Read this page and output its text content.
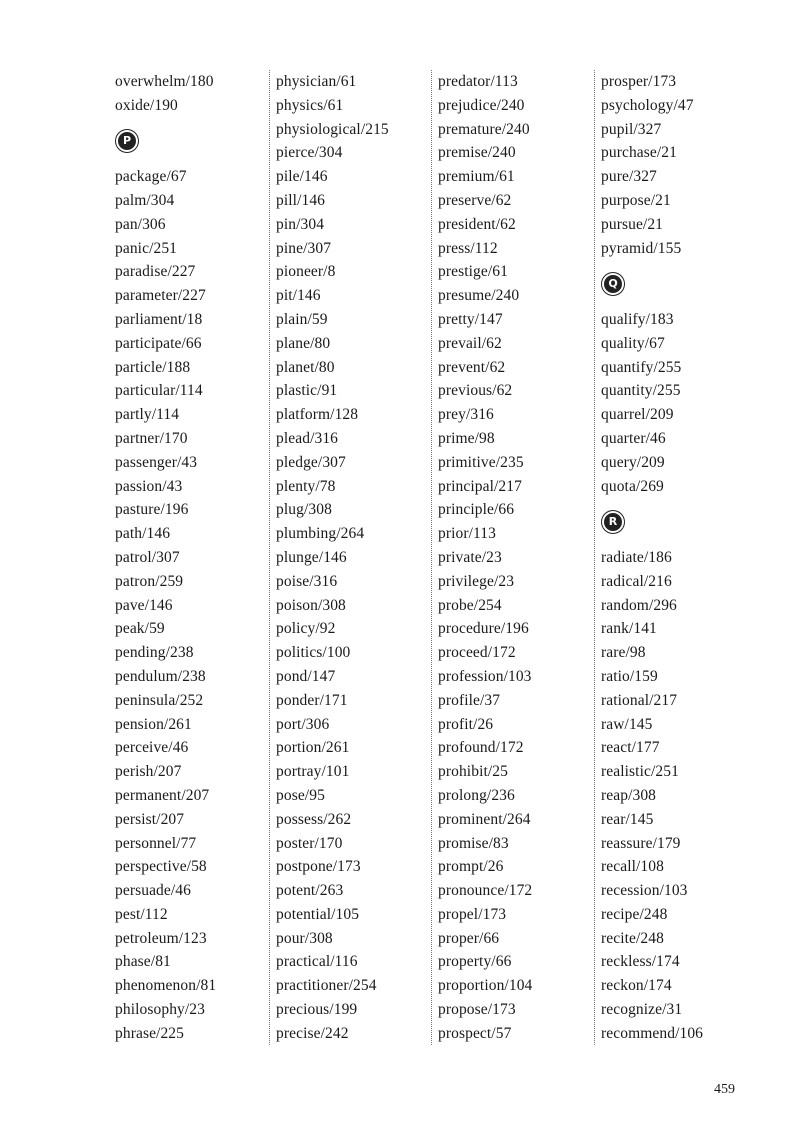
overwhelm/180
oxide/190
P
package/67
palm/304
pan/306
panic/251
paradise/227
parameter/227
parliament/18
participate/66
particle/188
particular/114
partly/114
partner/170
passenger/43
passion/43
pasture/196
path/146
patrol/307
patron/259
pave/146
peak/59
pending/238
pendulum/238
peninsula/252
pension/261
perceive/46
perish/207
permanent/207
persist/207
personnel/77
perspective/58
persuade/46
pest/112
petroleum/123
phase/81
phenomenon/81
philosophy/23
phrase/225
physician/61
physics/61
physiological/215
pierce/304
pile/146
pill/146
pin/304
pine/307
pioneer/8
pit/146
plain/59
plane/80
planet/80
plastic/91
platform/128
plead/316
pledge/307
plenty/78
plug/308
plumbing/264
plunge/146
poise/316
poison/308
policy/92
politics/100
pond/147
ponder/171
port/306
portion/261
portray/101
pose/95
possess/262
poster/170
postpone/173
potent/263
potential/105
pour/308
practical/116
practitioner/254
precious/199
precise/242
predator/113
prejudice/240
premature/240
premise/240
premium/61
preserve/62
president/62
press/112
prestige/61
presume/240
pretty/147
prevail/62
prevent/62
previous/62
prey/316
prime/98
primitive/235
principal/217
principle/66
prior/113
private/23
privilege/23
probe/254
procedure/196
proceed/172
profession/103
profile/37
profit/26
profound/172
prohibit/25
prolong/236
prominent/264
promise/83
prompt/26
pronounce/172
propel/173
proper/66
property/66
proportion/104
propose/173
prospect/57
prosper/173
psychology/47
pupil/327
purchase/21
pure/327
purpose/21
pursue/21
pyramid/155
Q
qualify/183
quality/67
quantify/255
quantity/255
quarrel/209
quarter/46
query/209
quota/269
R
radiate/186
radical/216
random/296
rank/141
rare/98
ratio/159
rational/217
raw/145
react/177
realistic/251
reap/308
rear/145
reassure/179
recall/108
recession/103
recipe/248
recite/248
reckless/174
reckon/174
recognize/31
recommend/106
459
